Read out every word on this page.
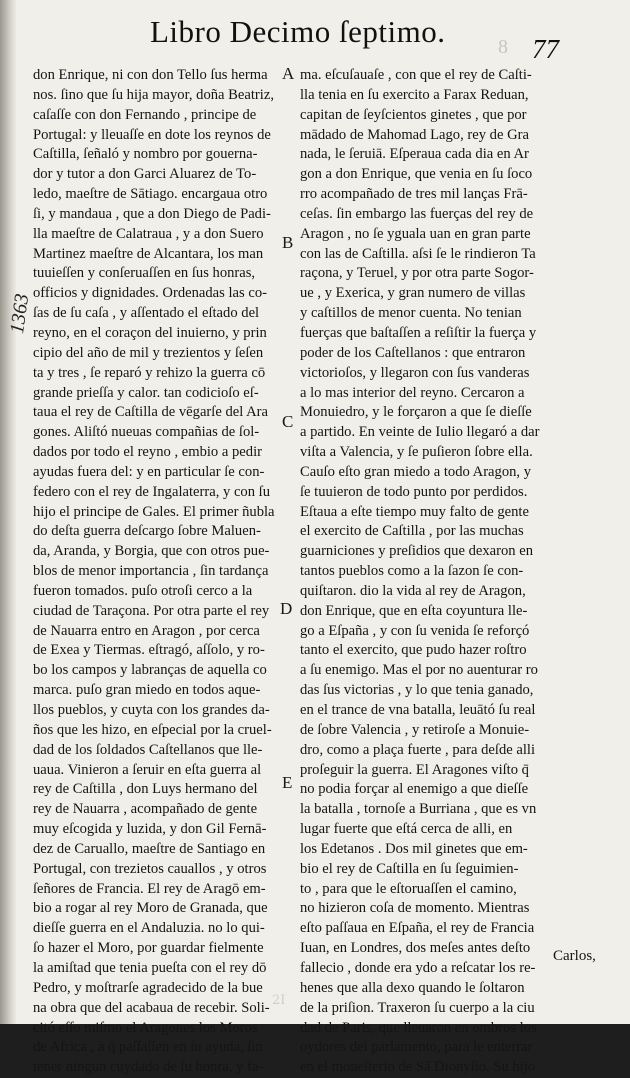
Libro Decimo ſeptimo.	8 77
1363
A
B
C
D
E
don Enrique, ni con don Tello ſus herma
nos. ſino que ſu hija mayor, doña Beatriz,
caſaſſe con don Fernando , principe de
Portugal: y lleuaſſe en dote los reynos de
Caſtilla, ſeñaló y nombro por gouerna-
dor y tutor a don Garci Aluarez de To-
ledo, maeſtre de Sātiago. encargaua otro
ſi, y mandaua , que a don Diego de Padi-
lla maeſtre de Calatraua , y a don Suero
Martinez maeſtre de Alcantara, los man
tuuieſſen y conſeruaſſen en ſus honras,
officios y dignidades. Ordenadas las co-
ſas de ſu caſa , y aſſentado el eſtado del
reyno, en el coraçon del inuierno, y prin
cipio del año de mil y trezientos y ſeſen
ta y tres , ſe reparó y rehizo la guerra cō
grande prieſſa y calor. tan codicioſo eſ-
taua el rey de Caſtilla de vēgarſe del Ara
gones. Aliſtó nueuas compañias de ſol-
dados por todo el reyno , embio a pedir
ayudas fuera del: y en particular ſe con-
federo con el rey de Ingalaterra, y con ſu
hijo el principe de Gales. El primer ñubla
do deſta guerra deſcargo ſobre Maluen-
da, Aranda, y Borgia, que con otros pue-
blos de menor importancia , ſin tardança
fueron tomados. puſo otroſi cerco a la
ciudad de Taraçona. Por otra parte el rey
de Nauarra entro en Aragon , por cerca
de Exea y Tiermas. eſtragó, aſſolo, y ro-
bo los campos y labranças de aquella co
marca. puſo gran miedo en todos aque-
llos pueblos, y cuyta con los grandes da-
ños que les hizo, en eſpecial por la cruel-
dad de los ſoldados Caſtellanos que lle-
uaua. Vinieron a ſeruir en eſta guerra al
rey de Caſtilla , don Luys hermano del
rey de Nauarra , acompañado de gente
muy eſcogida y luzida, y don Gil Fernā-
dez de Caruallo, maeſtre de Santiago en
Portugal, con trezietos cauallos , y otros
ſeñores de Francia. El rey de Aragō em-
bio a rogar al rey Moro de Granada, que
dieſſe guerra en el Andaluzia. no lo qui-
ſo hazer el Moro, por guardar fielmente
la amiſtad que tenia pueſta con el rey dō
Pedro, y moſtrarſe agradecido de la bue
na obra que del acabaua de recebir. Soli-
citó eſſo miſmo el Aragones los Moros
de Africa , a q̄ paſſaſſen en ſu ayuda, ſin
tener ningun cuydado de ſu honra, y fa-
ma. eſcuſauaſe , con que el rey de Caſti-
lla tenia en ſu exercito a Farax Reduan,
capitan de ſeyſcientos ginetes , que por
mādado de Mahomad Lago, rey de Gra
nada, le ſeruiā. Eſperaua cada dia en Ar
gon a don Enrique, que venia en ſu ſoco
rro acompañado de tres mil lanças Frā-
ceſas. ſin embargo las fuerças del rey de
Aragon , no ſe yguala uan en gran parte
con las de Caſtilla. aſsi ſe le rindieron Ta
raçona, y Teruel, y por otra parte Sogor-
ue , y Exerica, y gran numero de villas
y caſtillos de menor cuenta. No tenian
fuerças que baſtaſſen a reſiſtir la fuerça y
poder de los Caſtellanos : que entraron
victorioſos, y llegaron con ſus vanderas
a lo mas interior del reyno. Cercaron a
Monuiedro, y le forçaron a que ſe dieſſe
a partido. En veinte de Iulio llegaró a dar
viſta a Valencia, y ſe puſieron ſobre ella.
Cauſo eſto gran miedo a todo Aragon, y
ſe tuuieron de todo punto por perdidos.
Eſtaua a eſte tiempo muy falto de gente
el exercito de Caſtilla , por las muchas
guarniciones y preſidios que dexaron en
tantos pueblos como a la ſazon ſe con-
quiſtaron. dio la vida al rey de Aragon,
don Enrique, que en eſta coyuntura lle-
go a Eſpaña , y con ſu venida ſe reforçó
tanto el exercito, que pudo hazer roſtro
a ſu enemigo. Mas el por no auenturar ro
das ſus victorias , y lo que tenia ganado,
en el trance de vna batalla, leuātó ſu real
de ſobre Valencia , y retiroſe a Monuie-
dro, como a plaça fuerte , para deſde alli
proſeguir la guerra. El Aragones viſto q̄
no podia forçar al enemigo a que dieſſe
la batalla , tornoſe a Burriana , que es vn
lugar fuerte que eſtá cerca de alli, en
los Edetanos . Dos mil ginetes que em-
bio el rey de Caſtilla en ſu ſeguimien-
to , para que le eſtoruaſſen el camino,
no hizieron coſa de momento. Mientras
eſto paſſaua en Eſpaña, el rey de Francia
Iuan, en Londres, dos meſes antes deſto
fallecio , donde era ydo a reſcatar los re-
henes que alla dexo quando le ſoltaron
de la priſion. Traxeron ſu cuerpo a la ciu
dad de Paris, que lleuaron en ombros los
oydores del parlamento, para le enterrar
en el moneſterio de Sā Dionyſio. Su hijo
Carlos,
2I
